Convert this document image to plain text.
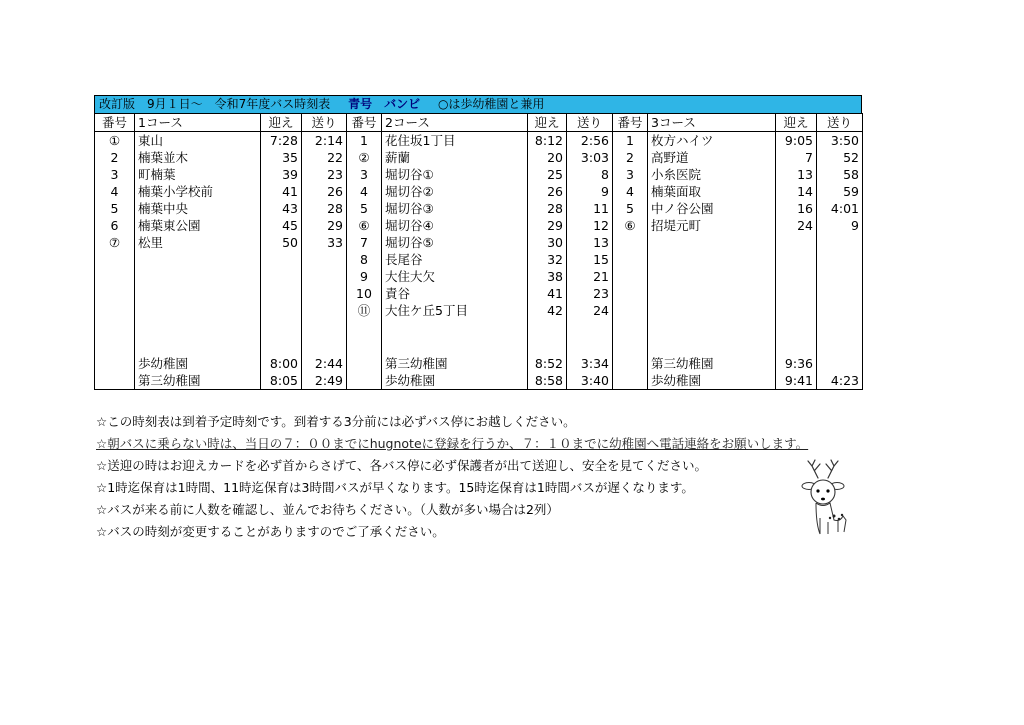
改訂版　9月１日～　令和7年度バス時刻表 青号　バンビ ○は歩幼稚園と兼用
番号	1コース	迎え	送り	番号	2コース	迎え	送り	番号	3コース	迎え	送り
①	東山	7:28	2:14	1	花住坂1丁目	8:12	2:56	1	枚方ハイツ	9:05	3:50
2	楠葉並木	35	22	②	薪蘭	20	3:03	2	高野道	7	52
3	町楠葉	39	23	3	堀切谷①	25	8	3	小糸医院	13	58
4	楠葉小学校前	41	26	4	堀切谷②	26	9	4	楠葉面取	14	59
5	楠葉中央	43	28	5	堀切谷③	28	11	5	中ノ谷公園	16	4:01
6	楠葉東公園	45	29	⑥	堀切谷④	29	12	⑥	招堤元町	24	9
⑦	松里	50	33	7	堀切谷⑤	30	13				
				8	長尾谷	32	15				
				9	大住大欠	38	21				
				10	責谷	41	23				
				⑪	大住ケ丘5丁目	42	24				

	歩幼稚園	8:00	2:44		第三幼稚園	8:52	3:34		第三幼稚園	9:36	
	第三幼稚園	8:05	2:49		歩幼稚園	8:58	3:40		歩幼稚園	9:41	4:23
☆この時刻表は到着予定時刻です。到着する3分前には必ずバス停にお越しください。
☆朝バスに乗らない時は、当日の７：００までにhugnoteに登録を行うか、７：１０までに幼稚園へ電話連絡をお願いします。
☆送迎の時はお迎えカードを必ず首からさげて、各バス停に必ず保護者が出て送迎し、安全を見てください。
☆1時迄保育は1時間、11時迄保育は3時間バスが早くなります。15時迄保育は1時間バスが遅くなります。
☆バスが来る前に人数を確認し、並んでお待ちください。（人数が多い場合は2列）
☆バスの時刻が変更することがありますのでご了承ください。
